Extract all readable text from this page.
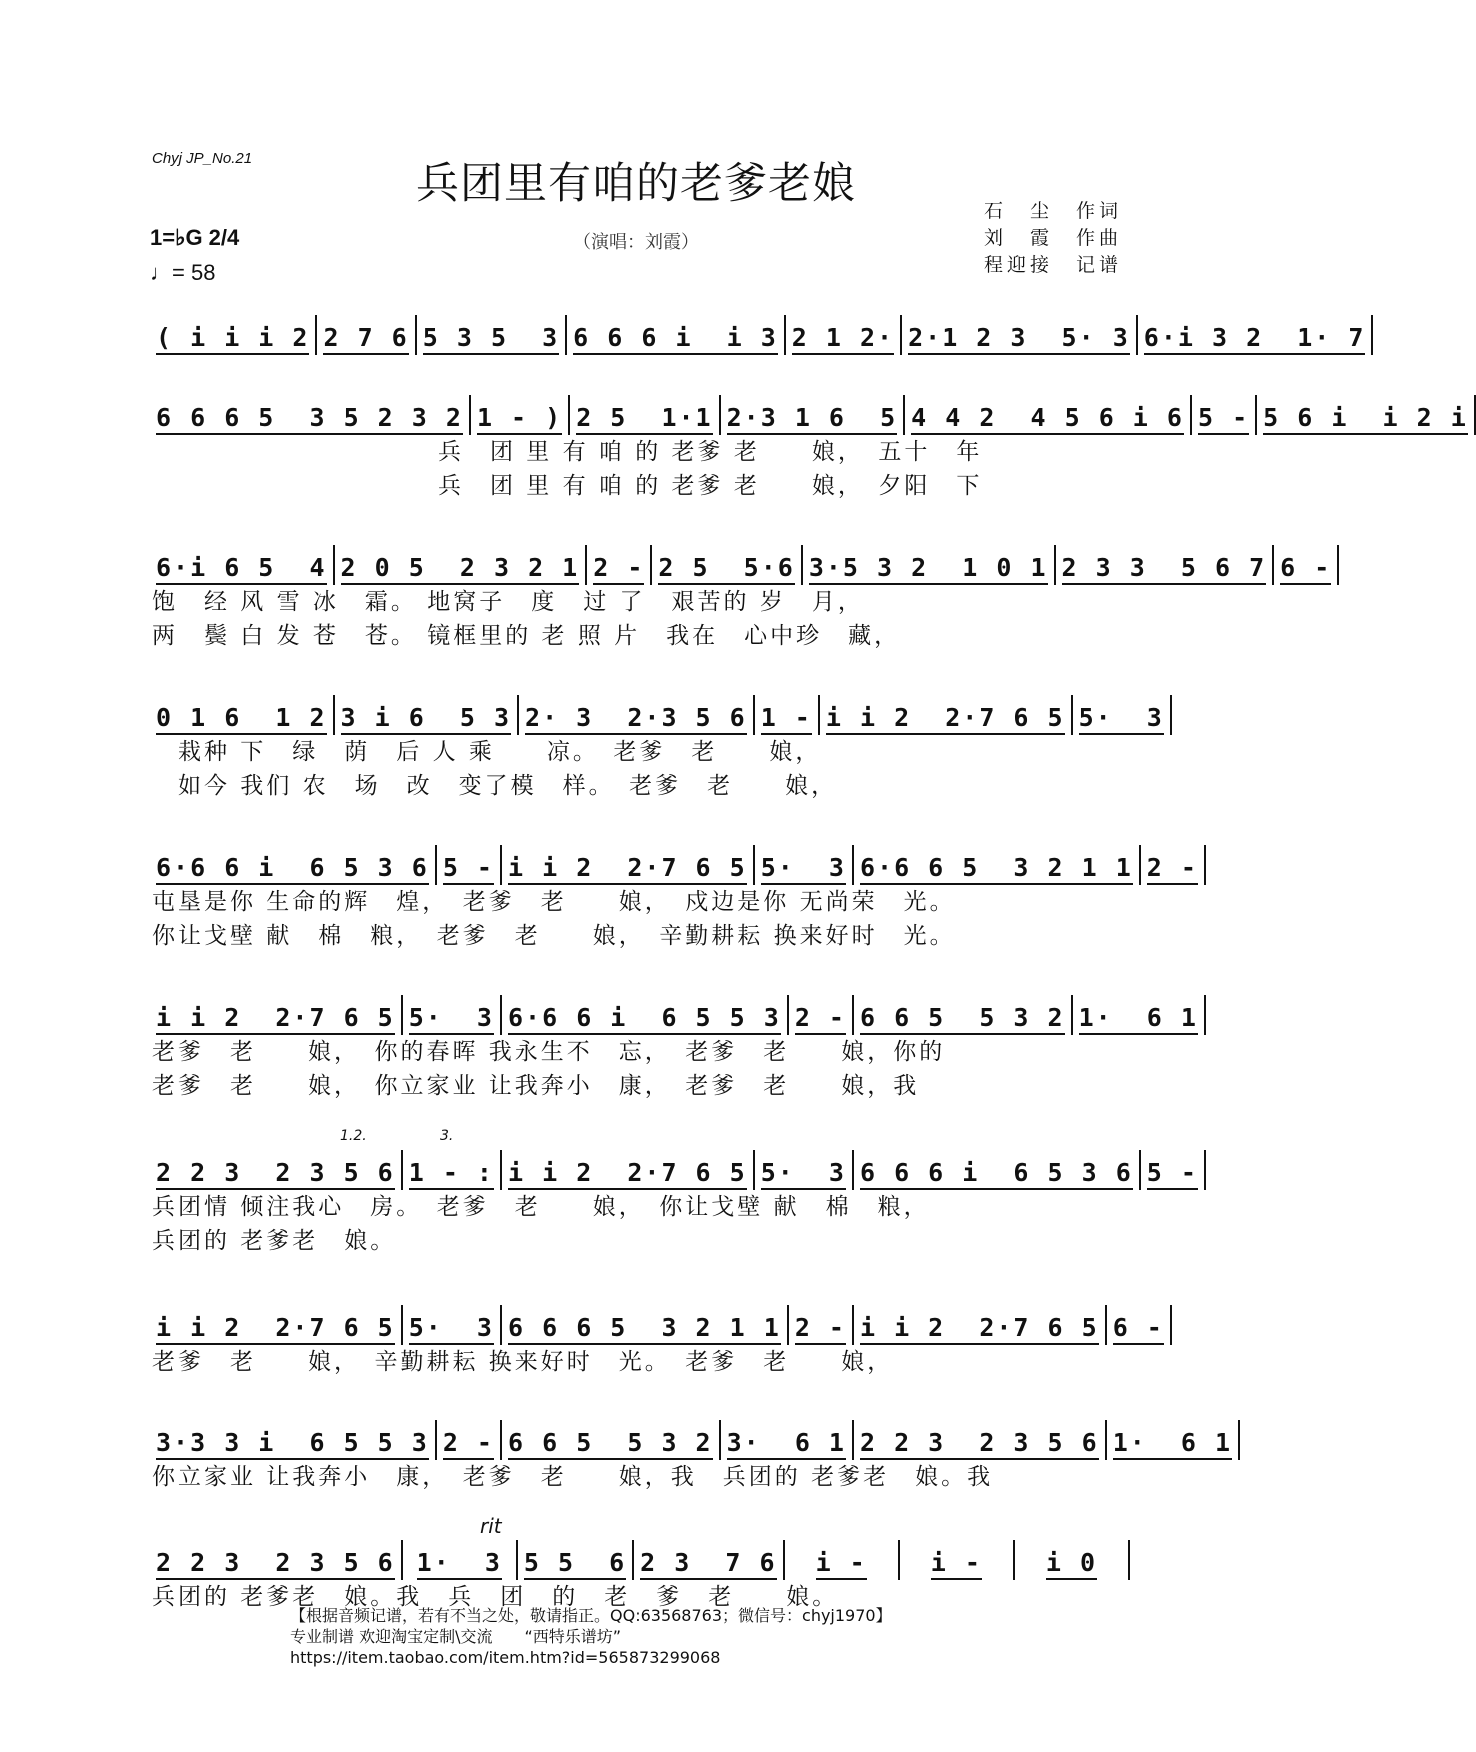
Chyj JP_No.21
兵团里有咱的老爹老娘
（演唱：刘霞）
石　尘　作词
刘　霞　作曲
程迎接　记谱
1=♭G 2/4
♩= 58
( i i i 2 2 7 6 5 3 5  3 6 6 6 i  i 3 2 1 2· 2·1 2 3  5· 3 6·i 3 2  1· 7
6 6 6 5  3 5 2 3 2 1 - ) 2 5  1·1 2·3 1 6  5 4 4 2  4 5 6 i 6 5 - 5 6 i  i 2 i
　　　　　　　　　　　兵　团 里 有 咱 的 老爹 老　　娘，　五十　年
　　　　　　　　　　　兵　团 里 有 咱 的 老爹 老　　娘，　夕阳　下
6·i 6 5  4 2 0 5  2 3 2 1 2 - 2 5  5·6 3·5 3 2  1 0 1 2 3 3  5 6 7 6 -
饱　经 风 雪 冰　霜。 地窝子　度　过 了　艰苦的 岁　月，
两　鬓 白 发 苍　苍。 镜框里的 老 照 片　我在　心中珍　藏，
0 1 6  1 2 3 i 6  5 3 2· 3  2·3 5 6 1 - i i 2  2·7 6 5 5·  3
　栽种 下　绿　荫　后 人 乘　　凉。　老爹　老　　娘，
　如今 我们 农　场　改　变了模　样。　老爹　老　　娘，
6·6 6 i  6 5 3 6 5 - i i 2  2·7 6 5 5·  3 6·6 6 5  3 2 1 1 2 -
屯垦是你 生命的辉　煌，　老爹　老　　娘，　戍边是你 无尚荣　光。
你让戈壁 献　棉　粮，　老爹　老　　娘，　辛勤耕耘 换来好时　光。
i i 2  2·7 6 5 5·  3 6·6 6 i  6 5 5 3 2 - 6 6 5  5 3 2 1·  6 1
老爹　老　　娘，　你的春晖 我永生不　忘，　老爹　老　　娘，你的
老爹　老　　娘，　你立家业 让我奔小　康，　老爹　老　　娘，我
2 2 3  2 3 5 6 1 - : i i 2  2·7 6 5 5·  3 6 6 6 i  6 5 3 6 5 -
1.2.	3.
兵团情 倾注我心　房。　老爹　老　　娘，　你让戈壁 献　棉　粮，
兵团的 老爹老　娘。
i i 2  2·7 6 5 5·  3 6 6 6 5  3 2 1 1 2 - i i 2  2·7 6 5 6 -
老爹　老　　娘，　辛勤耕耘 换来好时　光。　老爹　老　　娘，
3·3 3 i  6 5 5 3 2 - 6 6 5  5 3 2 3·  6 1 2 2 3  2 3 5 6 1·  6 1
你立家业 让我奔小　康，　老爹　老　　娘，我　兵团的 老爹老　娘。我
2 2 3  2 3 5 6 1·  3 5 5  6 2 3  7 6 i -	i -	i 0
rit
兵团的 老爹老　娘。我　兵　团　的　老　爹　老　　娘。
【根据音频记谱，若有不当之处，敬请指正。QQ:63568763；微信号：chyj1970】
专业制谱 欢迎淘宝定制\交流　　“西特乐谱坊”
https://item.taobao.com/item.htm?id=565873299068
